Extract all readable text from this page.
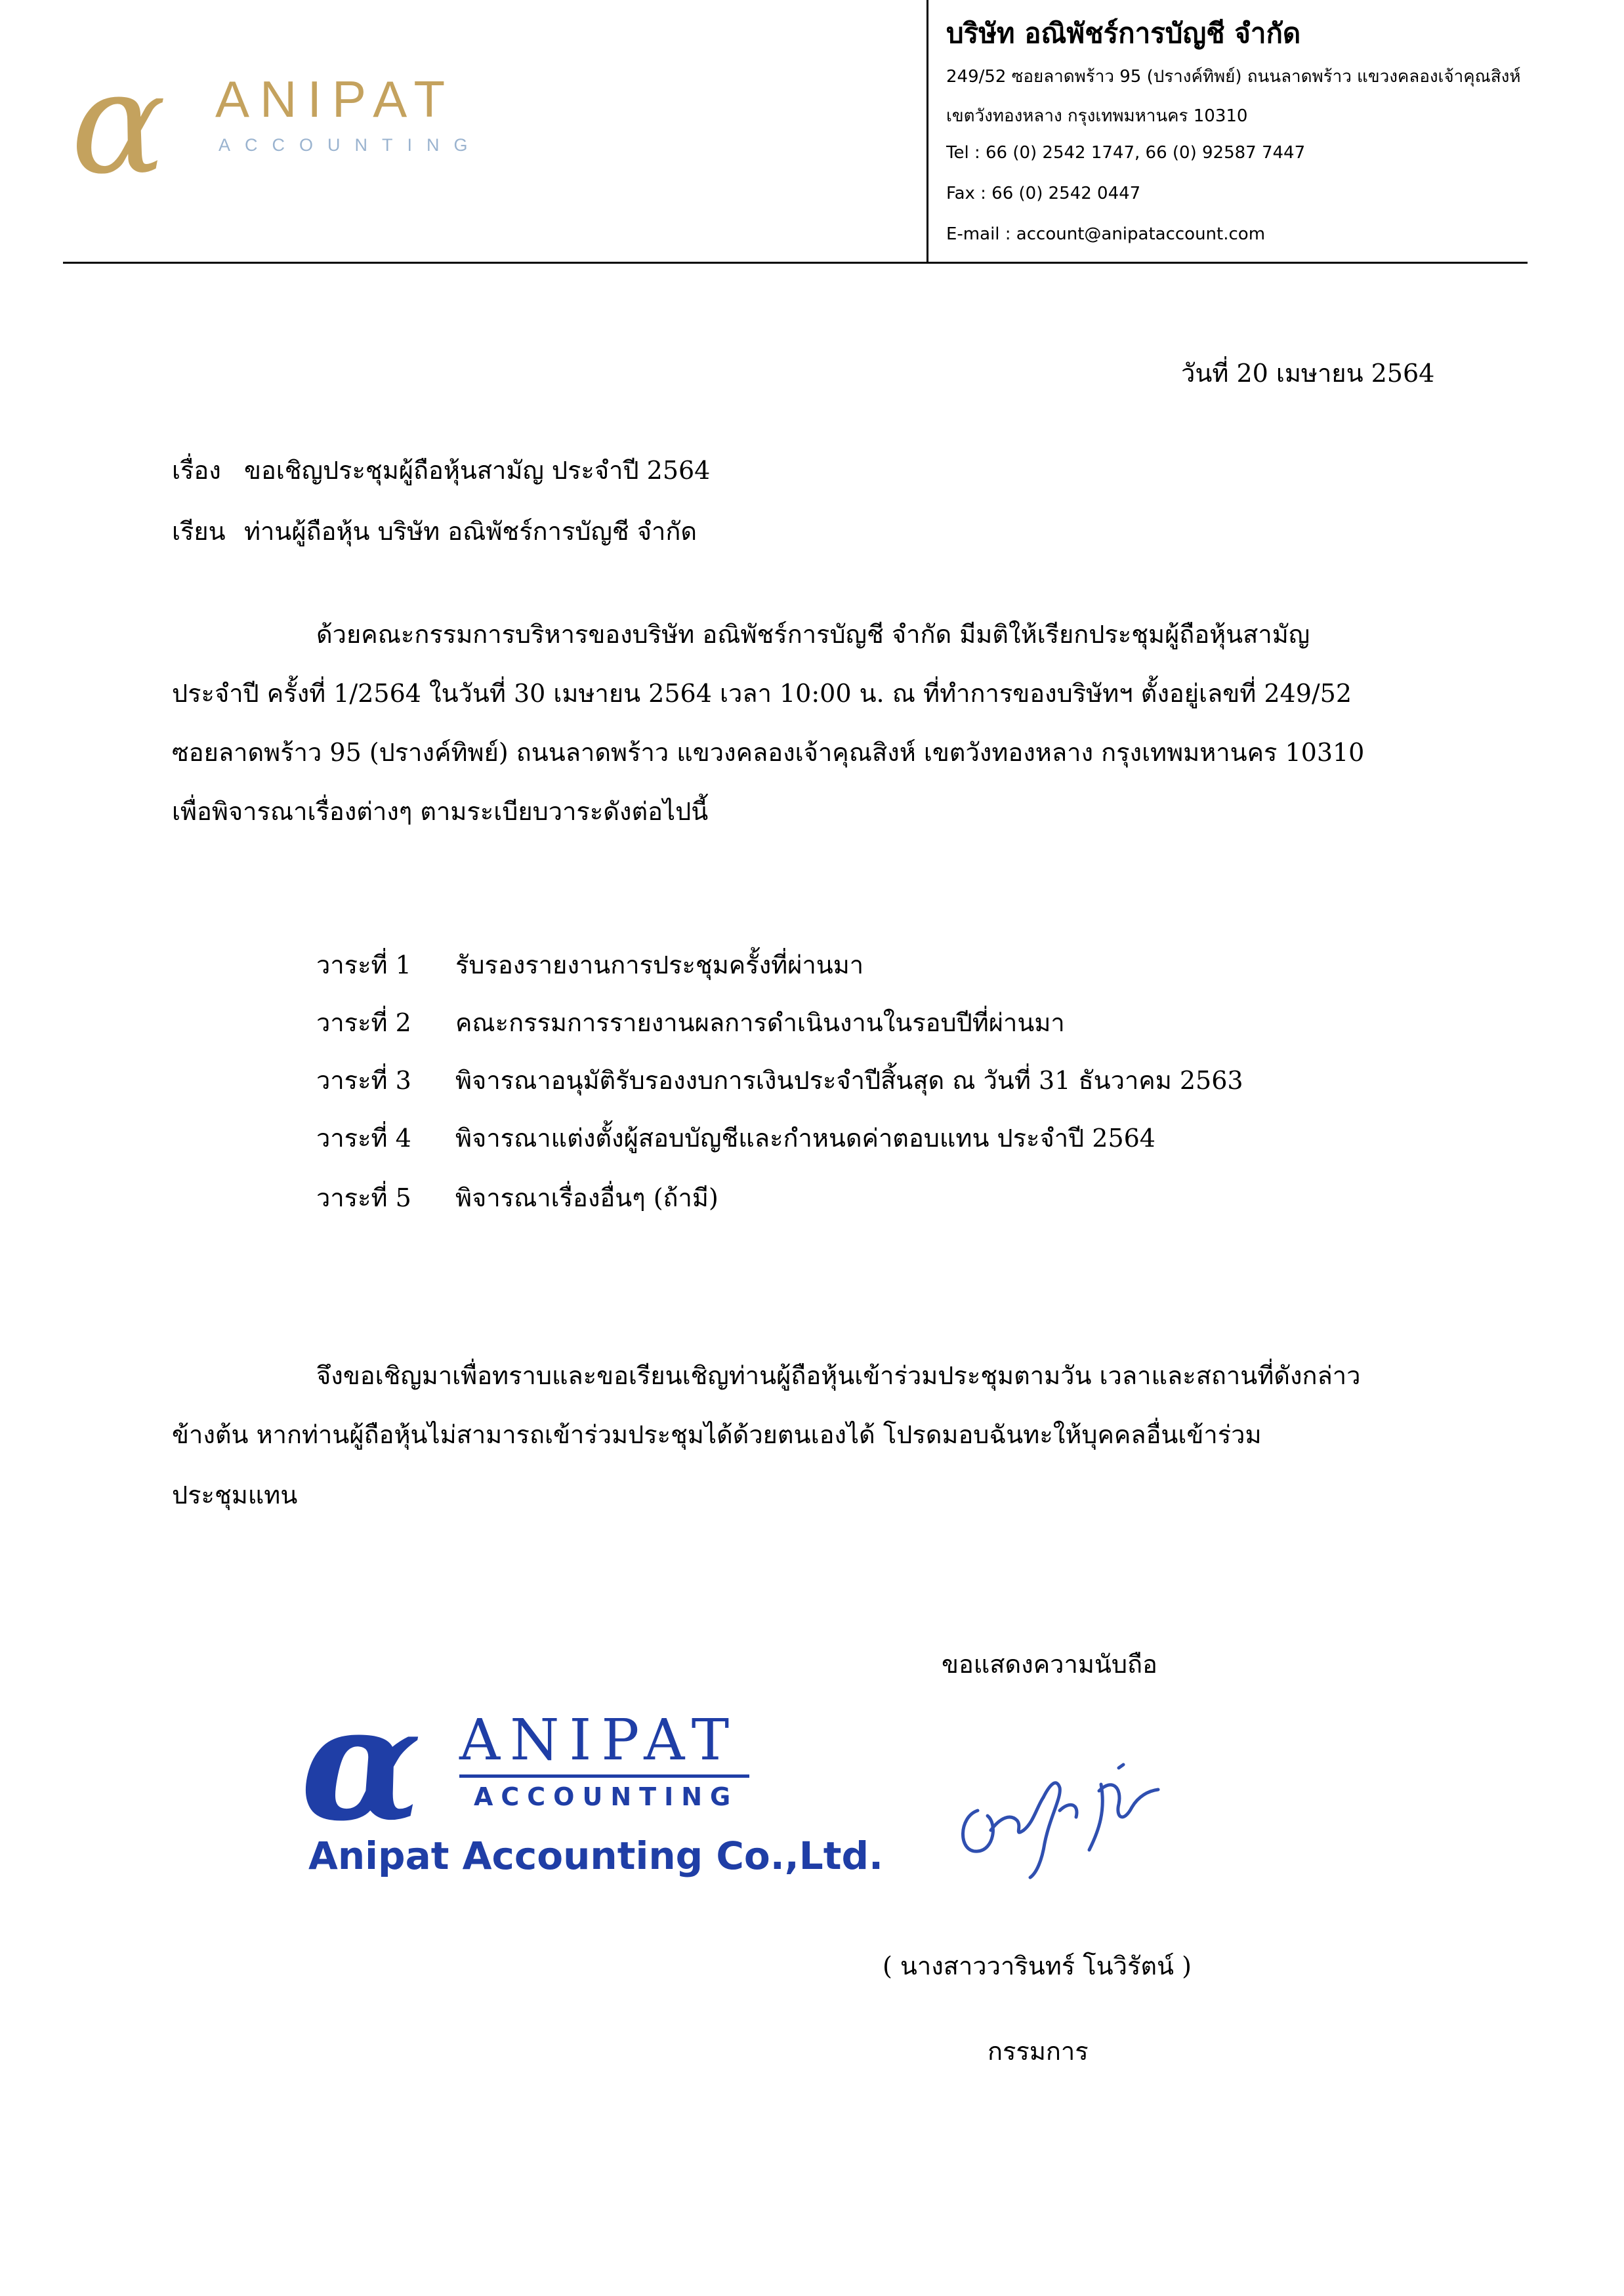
α ANIPAT
ACCOUNTING
บริษัท อณิพัชร์การบัญชี จำกัด
249/52 ซอยลาดพร้าว 95 (ปรางค์ทิพย์) ถนนลาดพร้าว แขวงคลองเจ้าคุณสิงห์
เขตวังทองหลาง กรุงเทพมหานคร 10310
Tel : 66 (0) 2542 1747, 66 (0) 92587 7447
Fax : 66 (0) 2542 0447
E-mail : account@anipataccount.com
วันที่ 20 เมษายน 2564
เรื่อง ขอเชิญประชุมผู้ถือหุ้นสามัญ ประจำปี 2564
เรียน ท่านผู้ถือหุ้น บริษัท อณิพัชร์การบัญชี จำกัด
ด้วยคณะกรรมการบริหารของบริษัท อณิพัชร์การบัญชี จำกัด มีมติให้เรียกประชุมผู้ถือหุ้นสามัญ
ประจำปี ครั้งที่ 1/2564 ในวันที่ 30 เมษายน 2564 เวลา 10:00 น. ณ ที่ทำการของบริษัทฯ ตั้งอยู่เลขที่ 249/52
ซอยลาดพร้าว 95 (ปรางค์ทิพย์) ถนนลาดพร้าว แขวงคลองเจ้าคุณสิงห์ เขตวังทองหลาง กรุงเทพมหานคร 10310
เพื่อพิจารณาเรื่องต่างๆ ตามระเบียบวาระดังต่อไปนี้
วาระที่ 1 รับรองรายงานการประชุมครั้งที่ผ่านมา
วาระที่ 2 คณะกรรมการรายงานผลการดำเนินงานในรอบปีที่ผ่านมา
วาระที่ 3 พิจารณาอนุมัติรับรองงบการเงินประจำปีสิ้นสุด ณ วันที่ 31 ธันวาคม 2563
วาระที่ 4 พิจารณาแต่งตั้งผู้สอบบัญชีและกำหนดค่าตอบแทน ประจำปี 2564
วาระที่ 5 พิจารณาเรื่องอื่นๆ (ถ้ามี)
จึงขอเชิญมาเพื่อทราบและขอเรียนเชิญท่านผู้ถือหุ้นเข้าร่วมประชุมตามวัน เวลาและสถานที่ดังกล่าว
ข้างต้น หากท่านผู้ถือหุ้นไม่สามารถเข้าร่วมประชุมได้ด้วยตนเองได้ โปรดมอบฉันทะให้บุคคลอื่นเข้าร่วม
ประชุมแทน
ขอแสดงความนับถือ
α ANIPAT
ACCOUNTING
Anipat Accounting Co.,Ltd.
( นางสาววารินทร์ โนวิรัตน์ )
กรรมการ
